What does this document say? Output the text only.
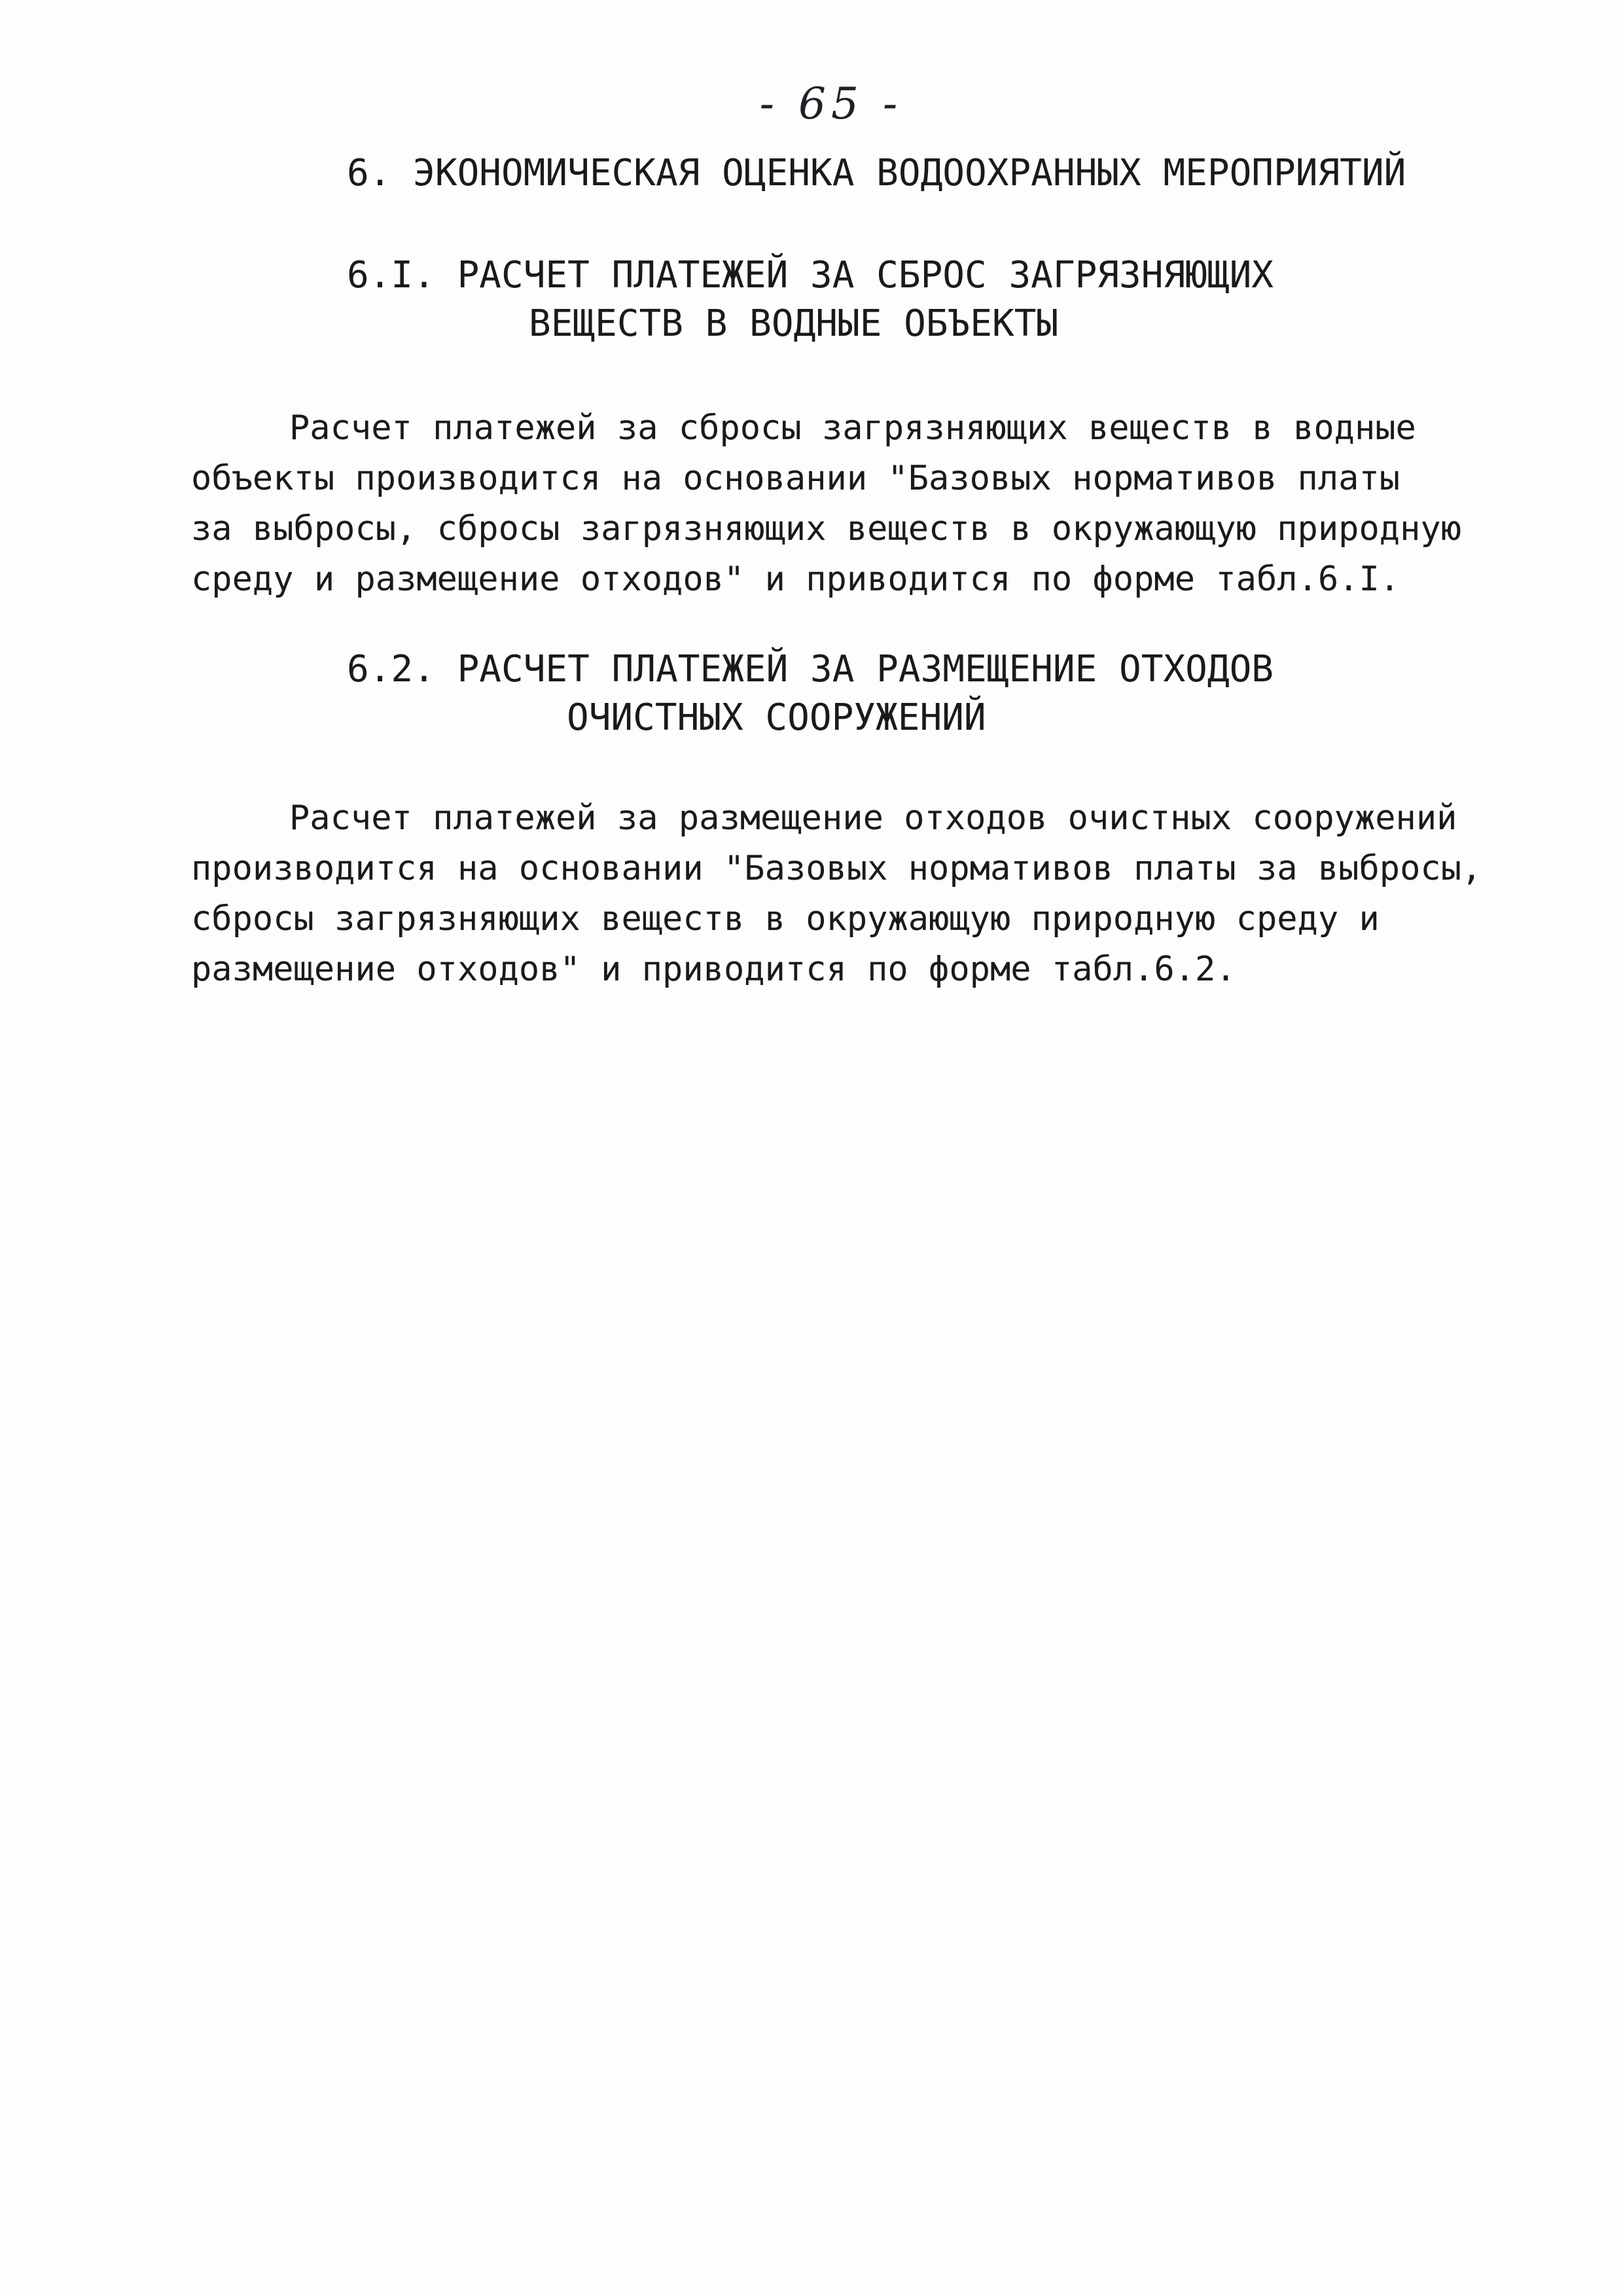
- 65 -
6. ЭКОНОМИЧЕСКАЯ ОЦЕНКА ВОДООХРАННЫХ МЕРОПРИЯТИЙ
6.I. РАСЧЕТ ПЛАТЕЖЕЙ ЗА СБРОС ЗАГРЯЗНЯЮЩИХ
ВЕЩЕСТВ В ВОДНЫЕ ОБЪЕКТЫ
Расчет платежей за сбросы загрязняющих веществ в водные
объекты производится на основании "Базовых нормативов платы
за выбросы, сбросы загрязняющих веществ в окружающую природную
среду и размещение отходов" и приводится по форме табл.6.I.
6.2. РАСЧЕТ ПЛАТЕЖЕЙ ЗА РАЗМЕЩЕНИЕ ОТХОДОВ
ОЧИСТНЫХ СООРУЖЕНИЙ
Расчет платежей за размещение отходов очистных сооружений
производится на основании "Базовых нормативов платы за выбросы,
сбросы загрязняющих веществ в окружающую природную среду и
размещение отходов" и приводится по форме табл.6.2.
